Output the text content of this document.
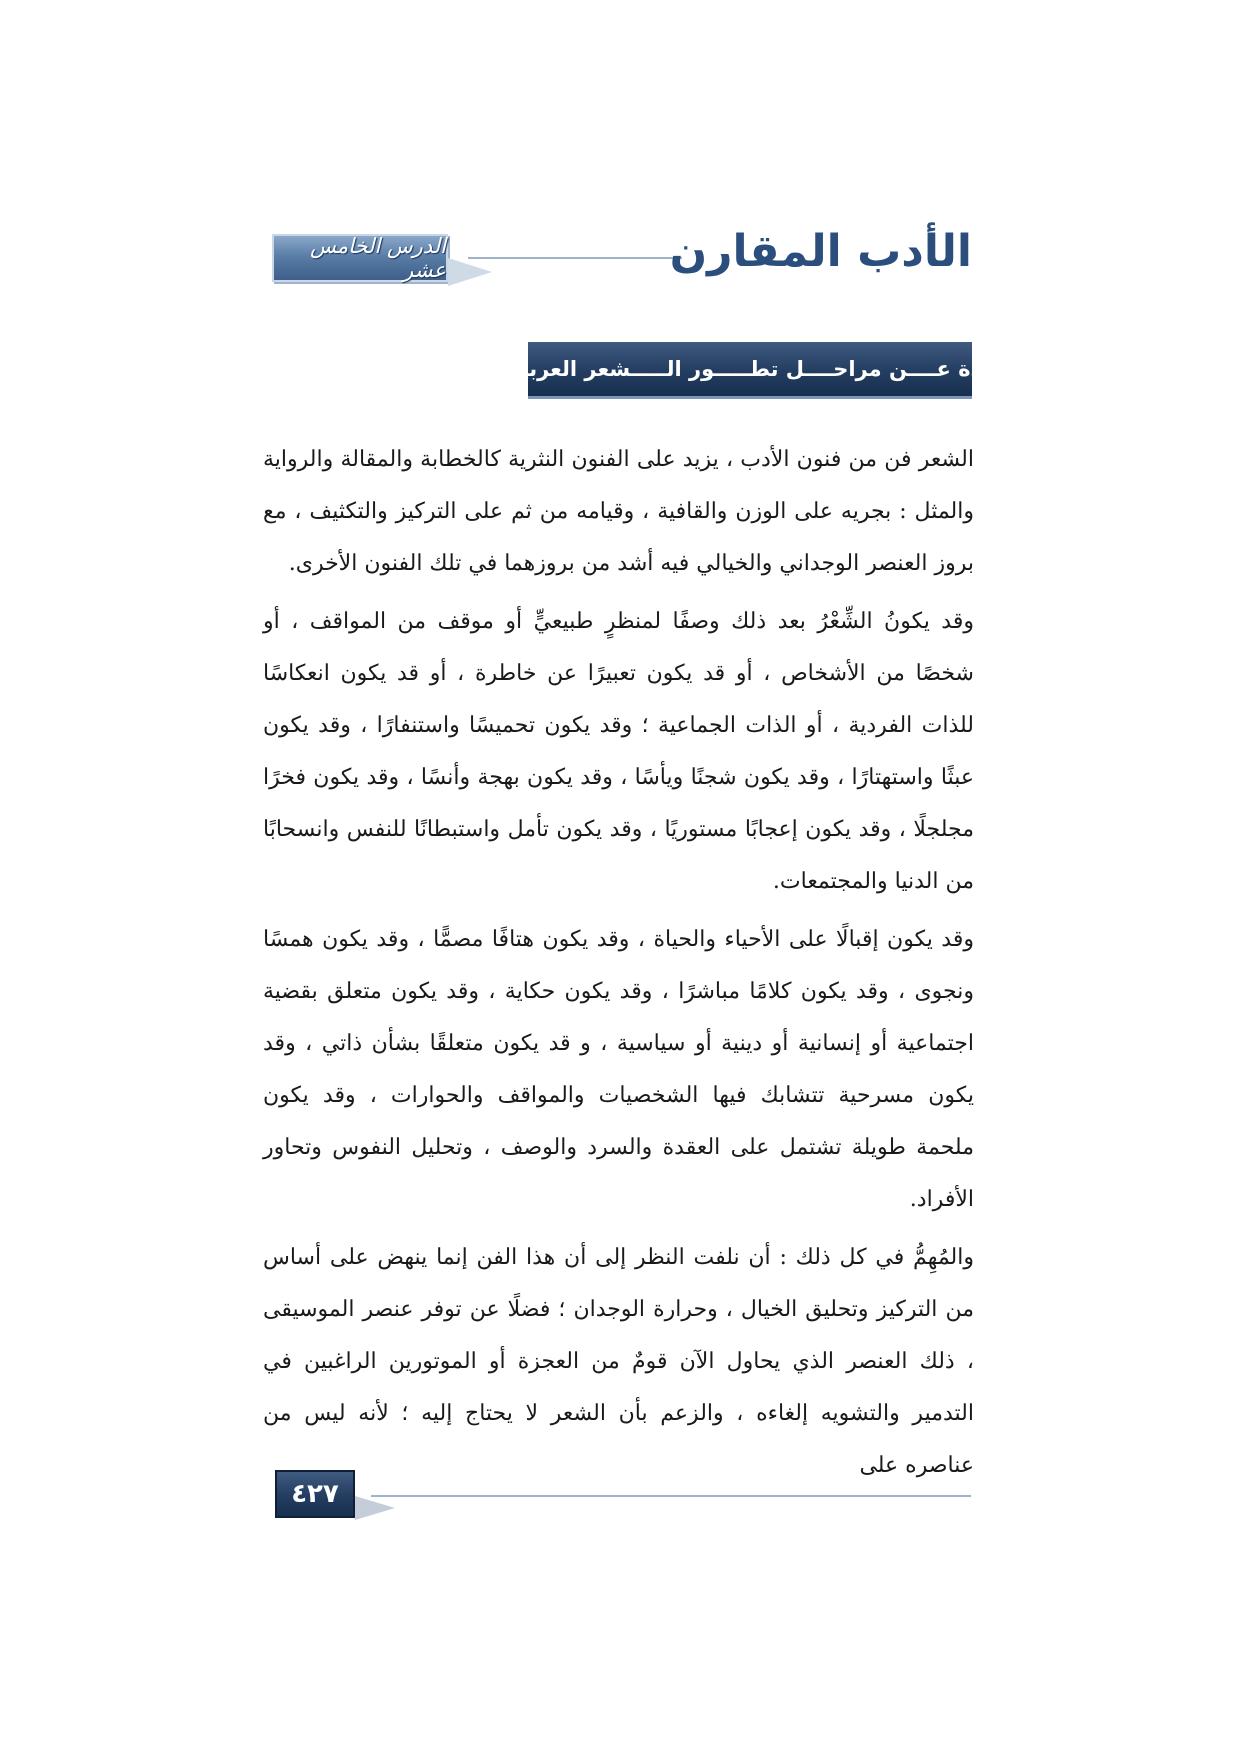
الدرس الخامس عشر	الأدب المقارن
نبــــذة عــــن مراحــــل تطـــــور الـــــشعر العربـــــي

الشعر فن من فنون الأدب ، يزيد على الفنون النثرية كالخطابة والمقالة والرواية والمثل : بجريه على الوزن والقافية ، وقيامه من ثم على التركيز والتكثيف ، مع بروز العنصر الوجداني والخيالي فيه أشد من بروزهما في تلك الفنون الأخرى.

وقد يكونُ الشِّعْرُ بعد ذلك وصفًا لمنظرٍ طبيعيٍّ أو موقف من المواقف ، أو شخصًا من الأشخاص ، أو قد يكون تعبيرًا عن خاطرة ، أو قد يكون انعكاسًا للذات الفردية ، أو الذات الجماعية ؛ وقد يكون تحميسًا واستنفارًا ، وقد يكون عبثًا واستهتارًا ، وقد يكون شجنًا ويأسًا ، وقد يكون بهجة وأنسًا ، وقد يكون فخرًا مجلجلًا ، وقد يكون إعجابًا مستوريًا ، وقد يكون تأمل واستبطانًا للنفس وانسحابًا من الدنيا والمجتمعات.

وقد يكون إقبالًا على الأحياء والحياة ، وقد يكون هتافًا مصمًّا ، وقد يكون همسًا ونجوى ، وقد يكون كلامًا مباشرًا ، وقد يكون حكاية ، وقد يكون متعلق بقضية اجتماعية أو إنسانية أو دينية أو سياسية ، و قد يكون متعلقًا بشأن ذاتي ، وقد يكون مسرحية تتشابك فيها الشخصيات والمواقف والحوارات ، وقد يكون ملحمة طويلة تشتمل على العقدة والسرد والوصف ، وتحليل النفوس وتحاور الأفراد.

والمُهِمُّ في كل ذلك : أن نلفت النظر إلى أن هذا الفن إنما ينهض على أساس من التركيز وتحليق الخيال ، وحرارة الوجدان ؛ فضلًا عن توفر عنصر الموسيقى ، ذلك العنصر الذي يحاول الآن قومٌ من العجزة أو الموتورين الراغبين في التدمير والتشويه إلغاءه ، والزعم بأن الشعر لا يحتاج إليه ؛ لأنه ليس من عناصره على

٤٢٧
